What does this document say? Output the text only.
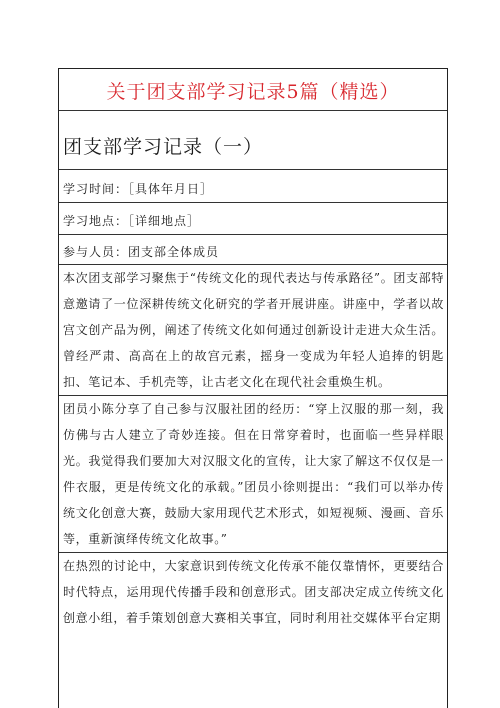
关于团支部学习记录5篇（精选）
团支部学习记录（一）
学习时间：［具体年月日］
学习地点：［详细地点］
参与人员：团支部全体成员
本次团支部学习聚焦于“传统文化的现代表达与传承路径”。团支部特意邀请了一位深耕传统文化研究的学者开展讲座。讲座中，学者以故宫文创产品为例，阐述了传统文化如何通过创新设计走进大众生活。曾经严肃、高高在上的故宫元素，摇身一变成为年轻人追捧的钥匙扣、笔记本、手机壳等，让古老文化在现代社会重焕生机。
团员小陈分享了自己参与汉服社团的经历：“穿上汉服的那一刻，我仿佛与古人建立了奇妙连接。但在日常穿着时，也面临一些异样眼光。我觉得我们要加大对汉服文化的宣传，让大家了解这不仅仅是一件衣服，更是传统文化的承载。”团员小徐则提出：“我们可以举办传统文化创意大赛，鼓励大家用现代艺术形式，如短视频、漫画、音乐等，重新演绎传统文化故事。”
在热烈的讨论中，大家意识到传统文化传承不能仅靠情怀，更要结合时代特点，运用现代传播手段和创意形式。团支部决定成立传统文化创意小组，着手策划创意大赛相关事宜，同时利用社交媒体平台定期
